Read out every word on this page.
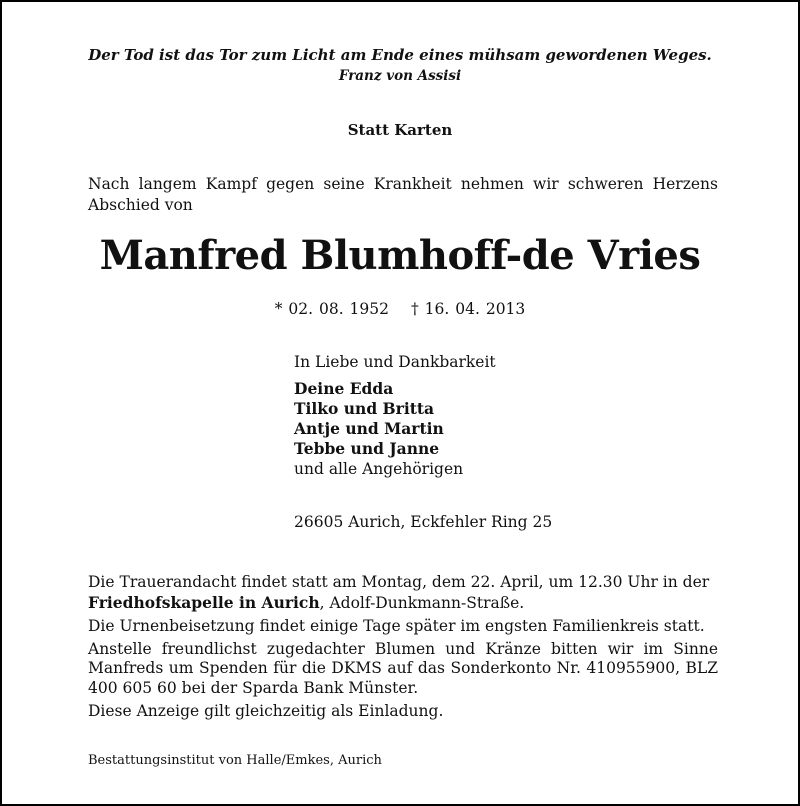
Der Tod ist das Tor zum Licht am Ende eines mühsam gewordenen Weges.
Franz von Assisi
Statt Karten
Nach langem Kampf gegen seine Krankheit nehmen wir schweren Herzens Abschied von
Manfred Blumhoff-de Vries
* 02. 08. 1952 † 16. 04. 2013
In Liebe und Dankbarkeit
Deine Edda
Tilko und Britta
Antje und Martin
Tebbe und Janne
und alle Angehörigen
26605 Aurich, Eckfehler Ring 25

Die Trauerandacht findet statt am Montag, dem 22. April, um 12.30 Uhr in der
Friedhofskapelle in Aurich, Adolf-Dunkmann-Straße.

Die Urnenbeisetzung findet einige Tage später im engsten Familienkreis statt.

Anstelle freundlichst zugedachter Blumen und Kränze bitten wir im Sinne Manfreds um Spenden für die DKMS auf das Sonderkonto Nr. 410955900, BLZ 400 605 60 bei der Sparda Bank Münster.

Diese Anzeige gilt gleichzeitig als Einladung.

Bestattungsinstitut von Halle/Emkes, Aurich
